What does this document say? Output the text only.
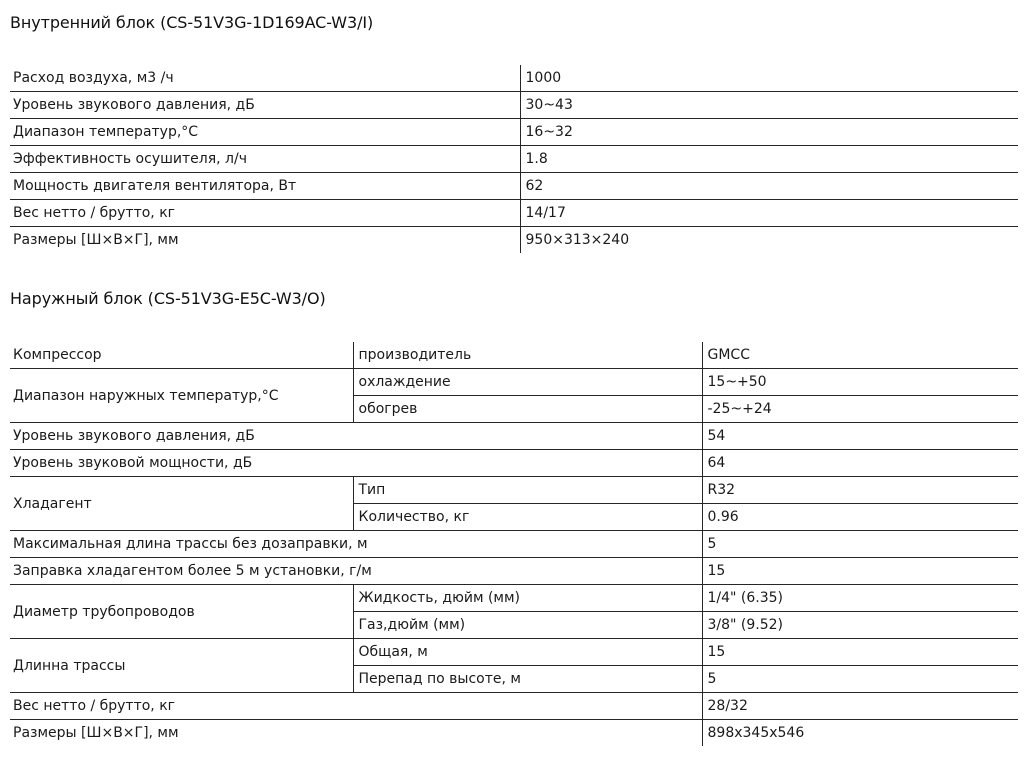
Внутренний блок (CS-51V3G-1D169AC-W3/I)
Расход воздуха, м3 /ч	1000
Уровень звукового давления, дБ	30~43
Диапазон температур,°С	16~32
Эффективность осушителя, л/ч	1.8
Мощность двигателя вентилятора, Вт	62
Вес нетто / брутто, кг	14/17
Размеры [Ш×В×Г], мм	950×313×240
Наружный блок (CS-51V3G-E5C-W3/O)
Компрессор	производитель	GMCC
Диапазон наружных температур,°С	охлаждение	15~+50
	обогрев	-25~+24
Уровень звукового давления, дБ		54
Уровень звуковой мощности, дБ		64
Хладагент	Тип	R32
	Количество, кг	0.96
Максимальная длина трассы без дозаправки, м		5
Заправка хладагентом более 5 м установки, г/м		15
Диаметр трубопроводов	Жидкость, дюйм (мм)	1/4" (6.35)
	Газ,дюйм (мм)	3/8" (9.52)
Длинна трассы	Общая, м	15
	Перепад по высоте, м	5
Вес нетто / брутто, кг		28/32
Размеры [Ш×В×Г], мм		898x345x546
